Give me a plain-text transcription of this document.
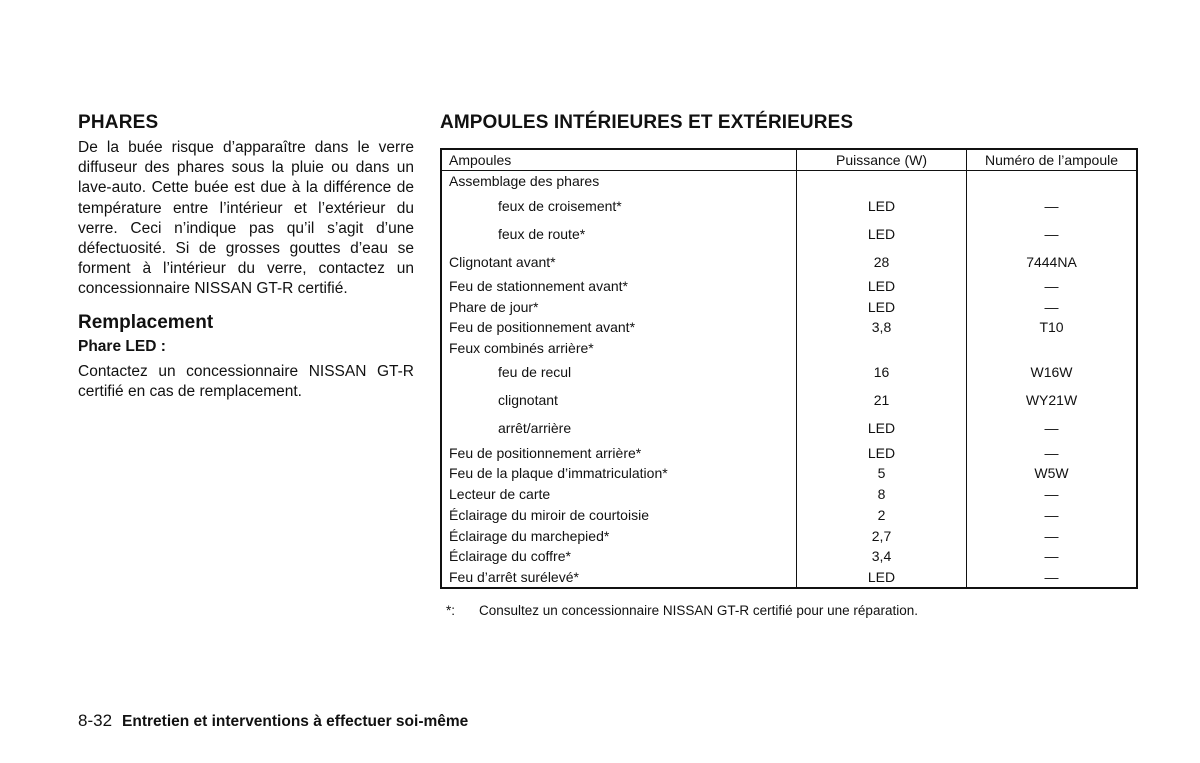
PHARES

De la buée risque d’apparaître dans le verre diffuseur des phares sous la pluie ou dans un lave-auto. Cette buée est due à la différence de température entre l’intérieur et l’extérieur du verre. Ceci n’indique pas qu’il s’agit d’une défectuosité. Si de grosses gouttes d’eau se forment à l’intérieur du verre, contactez un concessionnaire NISSAN GT-R certifié.

Remplacement
Phare LED :

Contactez un concessionnaire NISSAN GT-R certifié en cas de remplacement.

AMPOULES INTÉRIEURES ET EXTÉRIEURES
Ampoules	Puissance (W)	Numéro de l’ampoule
Assemblage des phares		
feux de croisement*	LED	—
feux de route*	LED	—
Clignotant avant*	28	7444NA
Feu de stationnement avant*	LED	—
Phare de jour*	LED	—
Feu de positionnement avant*	3,8	T10
Feux combinés arrière*		
feu de recul	16	W16W
clignotant	21	WY21W
arrêt/arrière	LED	—
Feu de positionnement arrière*	LED	—
Feu de la plaque d’immatriculation*	5	W5W
Lecteur de carte	8	—
Éclairage du miroir de courtoisie	2	—
Éclairage du marchepied*	2,7	—
Éclairage du coffre*	3,4	—
Feu d’arrêt surélevé*	LED	—
*: Consultez un concessionnaire NISSAN GT-R certifié pour une réparation.
8-32 Entretien et interventions à effectuer soi-même
